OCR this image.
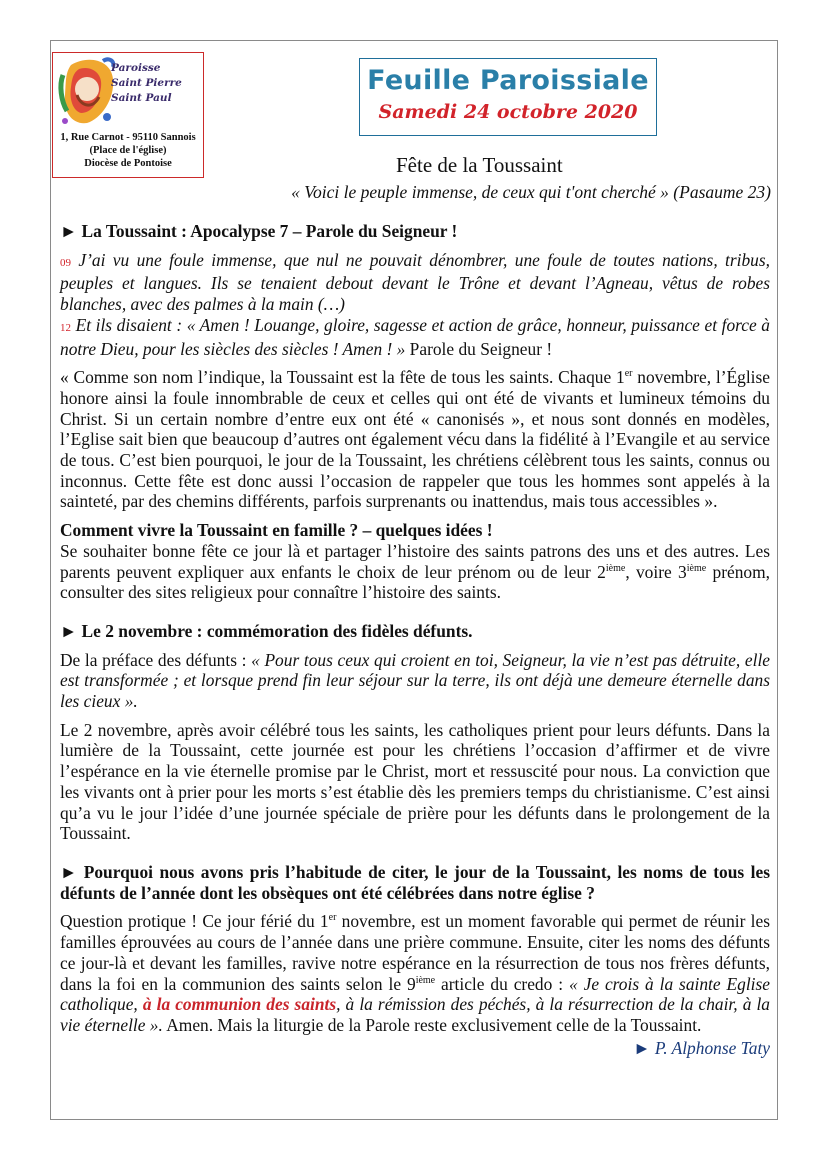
Paroisse
Saint Pierre
Saint Paul
1, Rue Carnot - 95110 Sannois
(Place de l'église)
Diocèse de Pontoise
Feuille Paroissiale
Samedi 24 octobre 2020
Fête de la Toussaint
« Voici le peuple immense, de ceux qui t'ont cherché » (Pasaume 23)

► La Toussaint : Apocalypse 7 – Parole du Seigneur !

09 J’ai vu une foule immense, que nul ne pouvait dénombrer, une foule de toutes nations, tribus, peuples et langues. Ils se tenaient debout devant le Trône et devant l’Agneau, vêtus de robes blanches, avec des palmes à la main (…)
12 Et ils disaient : « Amen ! Louange, gloire, sagesse et action de grâce, honneur, puissance et force à notre Dieu, pour les siècles des siècles ! Amen ! » Parole du Seigneur !

« Comme son nom l’indique, la Toussaint est la fête de tous les saints. Chaque 1er novembre, l’Église honore ainsi la foule innombrable de ceux et celles qui ont été de vivants et lumineux témoins du Christ. Si un certain nombre d’entre eux ont été « canonisés », et nous sont donnés en modèles, l’Eglise sait bien que beaucoup d’autres ont également vécu dans la fidélité à l’Evangile et au service de tous. C’est bien pourquoi, le jour de la Toussaint, les chrétiens célèbrent tous les saints, connus ou inconnus. Cette fête est donc aussi l’occasion de rappeler que tous les hommes sont appelés à la sainteté, par des chemins différents, parfois surprenants ou inattendus, mais tous accessibles ».

Comment vivre la Toussaint en famille ? – quelques idées !

Se souhaiter bonne fête ce jour là et partager l’histoire des saints patrons des uns et des autres. Les parents peuvent expliquer aux enfants le choix de leur prénom ou de leur 2ième, voire 3ième prénom, consulter des sites religieux pour connaître l’histoire des saints.

► Le 2 novembre : commémoration des fidèles défunts.

De la préface des défunts : « Pour tous ceux qui croient en toi, Seigneur, la vie n’est pas détruite, elle est transformée ; et lorsque prend fin leur séjour sur la terre, ils ont déjà une demeure éternelle dans les cieux ».

Le 2 novembre, après avoir célébré tous les saints, les catholiques prient pour leurs défunts. Dans la lumière de la Toussaint, cette journée est pour les chrétiens l’occasion d’affirmer et de vivre l’espérance en la vie éternelle promise par le Christ, mort et ressuscité pour nous. La conviction que les vivants ont à prier pour les morts s’est établie dès les premiers temps du christianisme. C’est ainsi qu’a vu le jour l’idée d’une journée spéciale de prière pour les défunts dans le prolongement de la Toussaint.

► Pourquoi nous avons pris l’habitude de citer, le jour de la Toussaint, les noms de tous les défunts de l’année dont les obsèques ont été célébrées dans notre église ?

Question protique ! Ce jour férié du 1er novembre, est un moment favorable qui permet de réunir les familles éprouvées au cours de l’année dans une prière commune. Ensuite, citer les noms des défunts ce jour-là et devant les familles, ravive notre espérance en la résurrection de tous nos frères défunts, dans la foi en la communion des saints selon le 9ième article du credo : « Je crois à la sainte Eglise catholique, à la communion des saints, à la rémission des péchés, à la résurrection de la chair, à la vie éternelle ». Amen. Mais la liturgie de la Parole reste exclusivement celle de la Toussaint.

► P. Alphonse Taty
